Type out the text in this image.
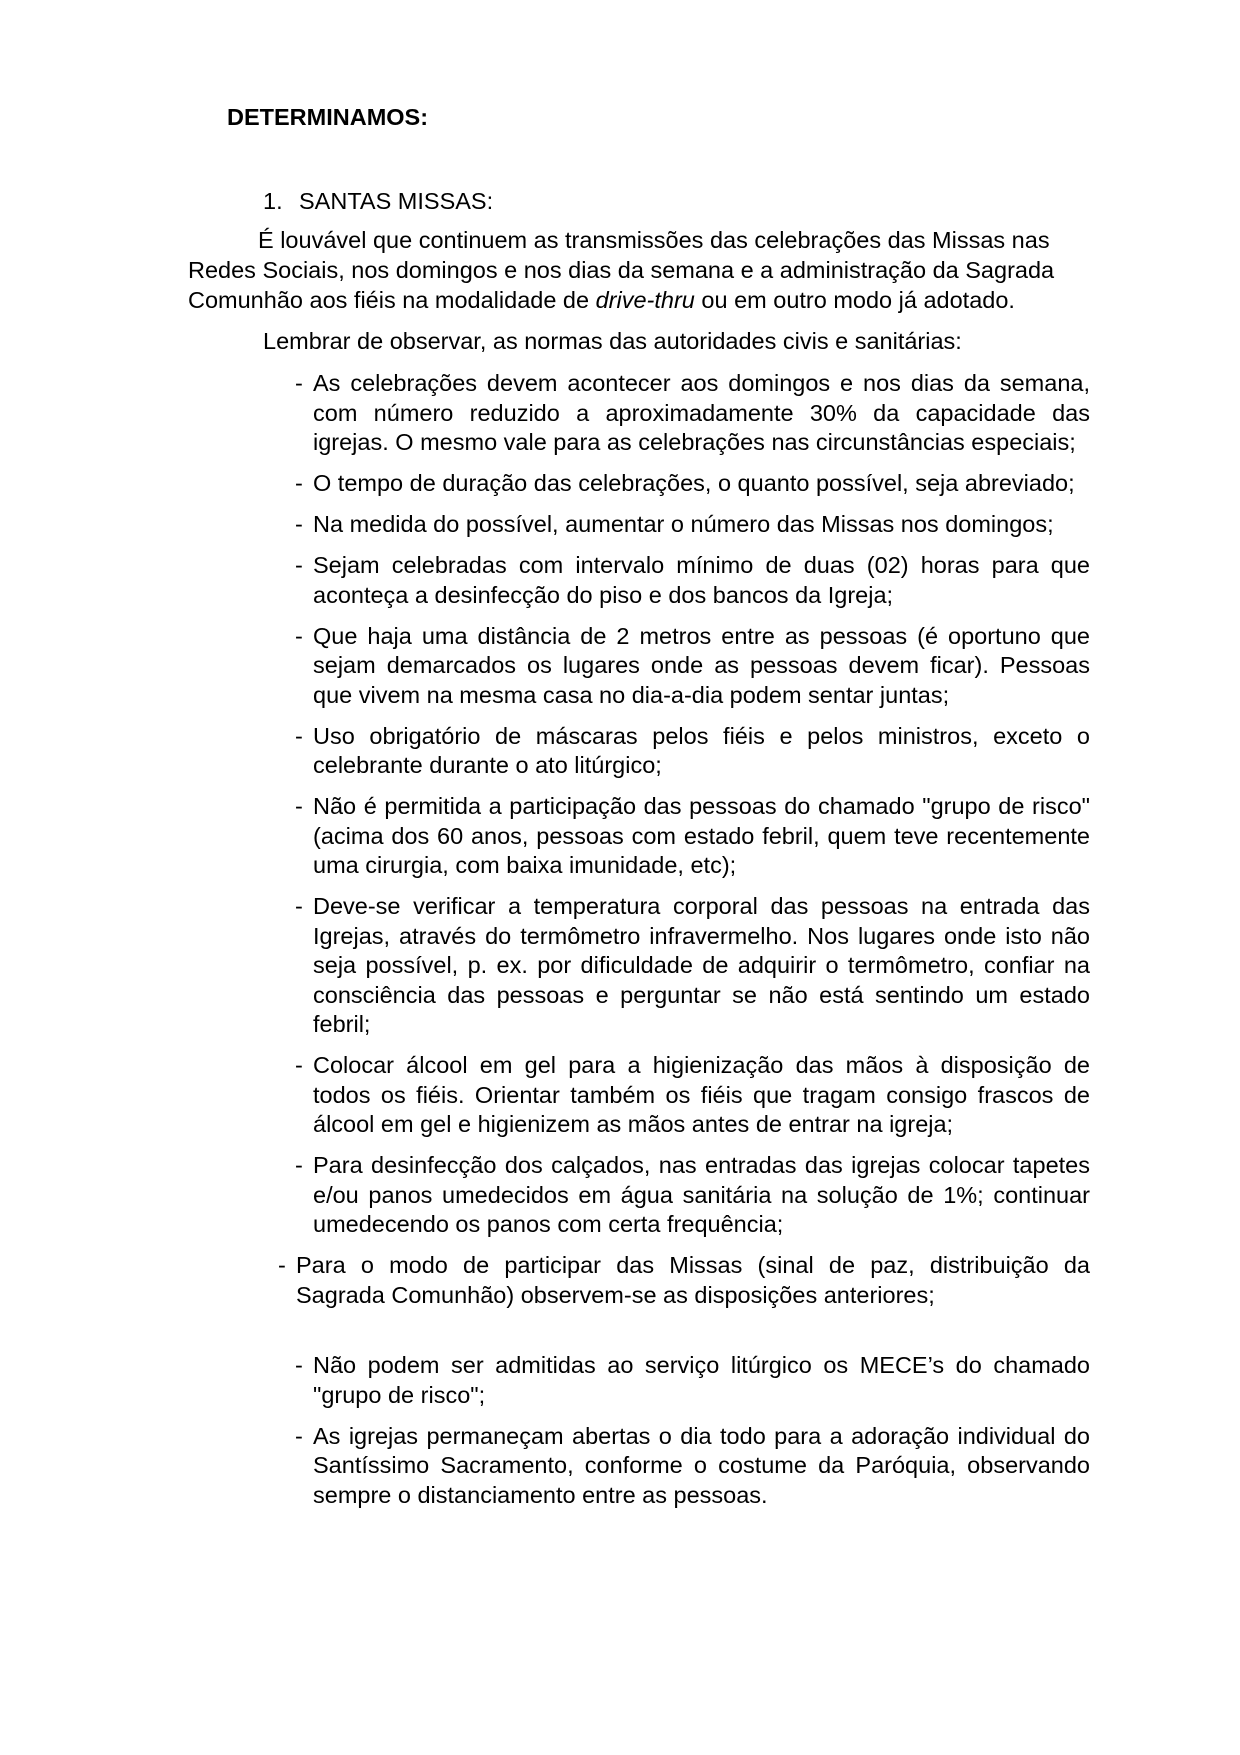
DETERMINAMOS:

1. SANTAS MISSAS:

É louvável que continuem as transmissões das celebrações das Missas nas Redes Sociais, nos domingos e nos dias da semana e a administração da Sagrada Comunhão aos fiéis na modalidade de drive-thru ou em outro modo já adotado.

Lembrar de observar, as normas das autoridades civis e sanitárias:

- As celebrações devem acontecer aos domingos e nos dias da semana, com número reduzido a aproximadamente 30% da capacidade das igrejas. O mesmo vale para as celebrações nas circunstâncias especiais;
- O tempo de duração das celebrações, o quanto possível, seja abreviado;
- Na medida do possível, aumentar o número das Missas nos domingos;
- Sejam celebradas com intervalo mínimo de duas (02) horas para que aconteça a desinfecção do piso e dos bancos da Igreja;
- Que haja uma distância de 2 metros entre as pessoas (é oportuno que sejam demarcados os lugares onde as pessoas devem ficar). Pessoas que vivem na mesma casa no dia-a-dia podem sentar juntas;
- Uso obrigatório de máscaras pelos fiéis e pelos ministros, exceto o celebrante durante o ato litúrgico;
- Não é permitida a participação das pessoas do chamado "grupo de risco" (acima dos 60 anos, pessoas com estado febril, quem teve recentemente uma cirurgia, com baixa imunidade, etc);
- Deve-se verificar a temperatura corporal das pessoas na entrada das Igrejas, através do termômetro infravermelho. Nos lugares onde isto não seja possível, p. ex. por dificuldade de adquirir o termômetro, confiar na consciência das pessoas e perguntar se não está sentindo um estado febril;
- Colocar álcool em gel para a higienização das mãos à disposição de todos os fiéis. Orientar também os fiéis que tragam consigo frascos de álcool em gel e higienizem as mãos antes de entrar na igreja;
- Para desinfecção dos calçados, nas entradas das igrejas colocar tapetes e/ou panos umedecidos em água sanitária na solução de 1%; continuar umedecendo os panos com certa frequência;
- Para o modo de participar das Missas (sinal de paz, distribuição da Sagrada Comunhão) observem-se as disposições anteriores;
- Não podem ser admitidas ao serviço litúrgico os MECE’s do chamado "grupo de risco";
- As igrejas permaneçam abertas o dia todo para a adoração individual do Santíssimo Sacramento, conforme o costume da Paróquia, observando sempre o distanciamento entre as pessoas.
